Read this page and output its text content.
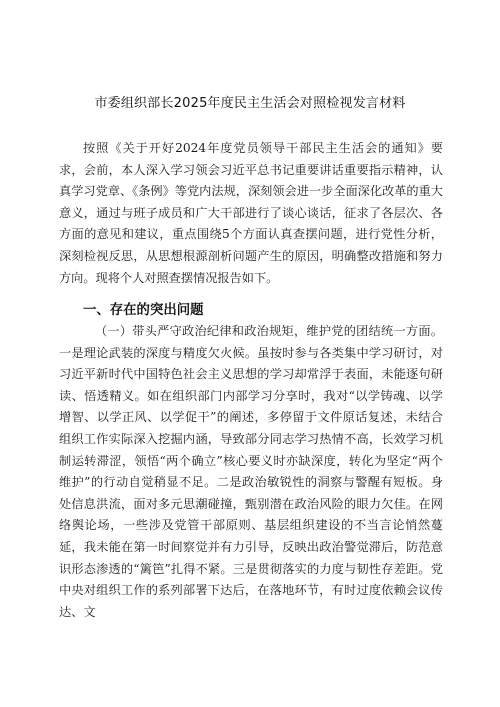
市委组织部长2025年度民主生活会对照检视发言材料

按照《关于开好2024年度党员领导干部民主生活会的通知》要求，会前，本人深入学习领会习近平总书记重要讲话重要指示精神，认真学习党章、《条例》等党内法规，深刻领会进一步全面深化改革的重大意义，通过与班子成员和广大干部进行了谈心谈话，征求了各层次、各方面的意见和建议，重点围绕5个方面认真查摆问题，进行党性分析，深刻检视反思，从思想根源剖析问题产生的原因，明确整改措施和努力方向。现将个人对照查摆情况报告如下。

一、存在的突出问题

（一）带头严守政治纪律和政治规矩，维护党的团结统一方面。一是理论武装的深度与精度欠火候。虽按时参与各类集中学习研讨，对习近平新时代中国特色社会主义思想的学习却常浮于表面，未能逐句研读、悟透精义。如在组织部门内部学习分享时，我对“以学铸魂、以学增智、以学正风、以学促干”的阐述，多停留于文件原话复述，未结合组织工作实际深入挖掘内涵，导致部分同志学习热情不高，长效学习机制运转滞涩，领悟“两个确立”核心要义时亦缺深度，转化为坚定“两个维护”的行动自觉稍显不足。二是政治敏锐性的洞察与警醒有短板。身处信息洪流，面对多元思潮碰撞，甄别潜在政治风险的眼力欠佳。在网络舆论场，一些涉及党管干部原则、基层组织建设的不当言论悄然蔓延，我未能在第一时间察觉并有力引导，反映出政治警觉滞后，防范意识形态渗透的“篱笆”扎得不紧。三是贯彻落实的力度与韧性存差距。党中央对组织工作的系列部署下达后，在落地环节，有时过度依赖会议传达、文
